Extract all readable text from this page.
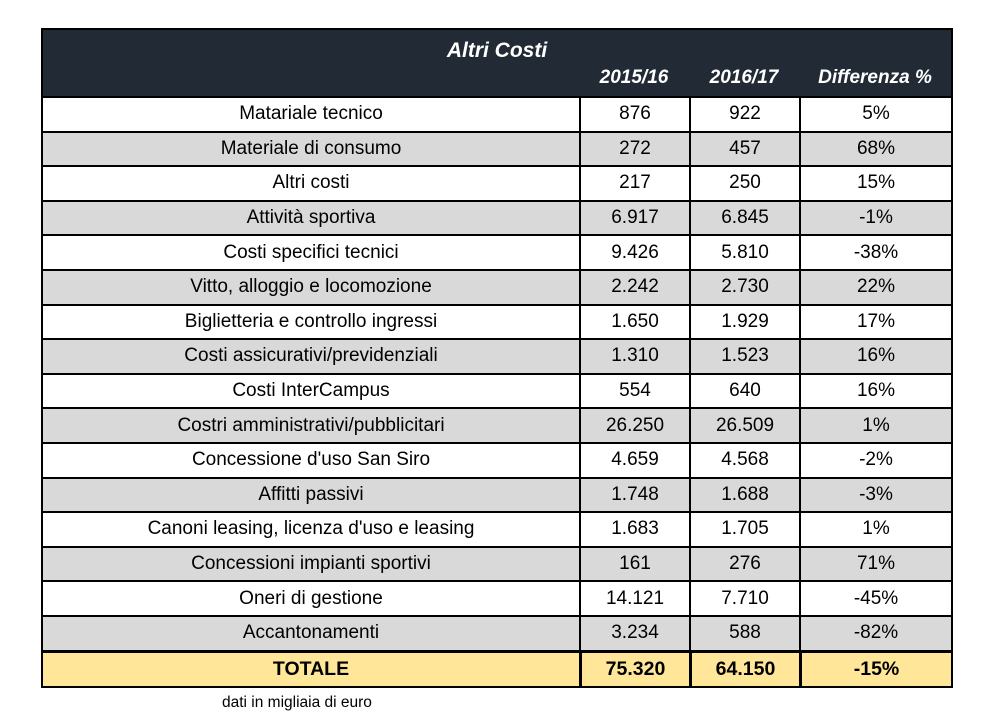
Altri Costi
2015/16	2016/17	Differenza %
Matariale tecnico	876	922	5%
Materiale di consumo	272	457	68%
Altri costi	217	250	15%
Attività sportiva	6.917	6.845	-1%
Costi specifici tecnici	9.426	5.810	-38%
Vitto, alloggio e locomozione	2.242	2.730	22%
Biglietteria e controllo ingressi	1.650	1.929	17%
Costi assicurativi/previdenziali	1.310	1.523	16%
Costi InterCampus	554	640	16%
Costri amministrativi/pubblicitari	26.250	26.509	1%
Concessione d'uso San Siro	4.659	4.568	-2%
Affitti passivi	1.748	1.688	-3%
Canoni leasing, licenza d'uso e leasing	1.683	1.705	1%
Concessioni impianti sportivi	161	276	71%
Oneri di gestione	14.121	7.710	-45%
Accantonamenti	3.234	588	-82%
TOTALE	75.320	64.150	-15%
dati in migliaia di euro
